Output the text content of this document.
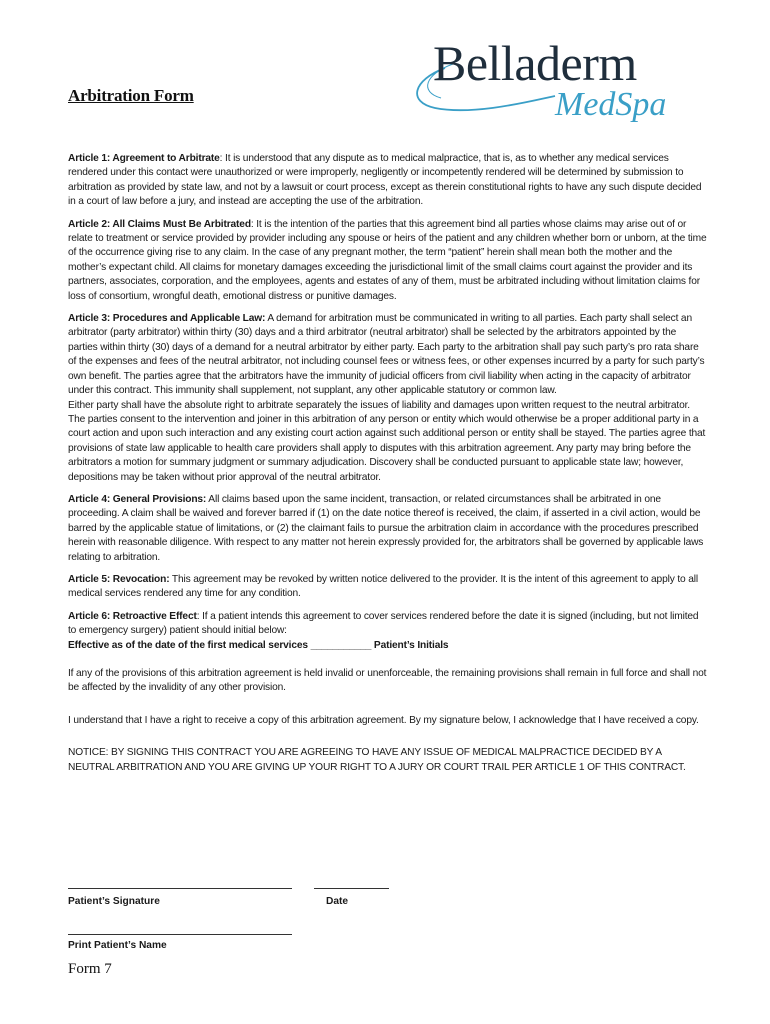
Arbitration Form
Belladerm
MedSpa

Article 1: Agreement to Arbitrate: It is understood that any dispute as to medical malpractice, that is, as to whether any medical services rendered under this contact were unauthorized or were improperly, negligently or incompetently rendered will be determined by submission to arbitration as provided by state law, and not by a lawsuit or court process, except as therein constitutional rights to have any such dispute decided in a court of law before a jury, and instead are accepting the use of the arbitration.

Article 2: All Claims Must Be Arbitrated: It is the intention of the parties that this agreement bind all parties whose claims may arise out of or relate to treatment or service provided by provider including any spouse or heirs of the patient and any children whether born or unborn, at the time of the occurrence giving rise to any claim. In the case of any pregnant mother, the term “patient” herein shall mean both the mother and the mother’s expectant child. All claims for monetary damages exceeding the jurisdictional limit of the small claims court against the provider and its partners, associates, corporation, and the employees, agents and estates of any of them, must be arbitrated including without limitation claims for loss of consortium, wrongful death, emotional distress or punitive damages.

Article 3: Procedures and Applicable Law: A demand for arbitration must be communicated in writing to all parties. Each party shall select an arbitrator (party arbitrator) within thirty (30) days and a third arbitrator (neutral arbitrator) shall be selected by the arbitrators appointed by the parties within thirty (30) days of a demand for a neutral arbitrator by either party. Each party to the arbitration shall pay such party’s pro rata share of the expenses and fees of the neutral arbitrator, not including counsel fees or witness fees, or other expenses incurred by a party for such party’s own benefit. The parties agree that the arbitrators have the immunity of judicial officers from civil liability when acting in the capacity of arbitrator under this contract. This immunity shall supplement, not supplant, any other applicable statutory or common law.

Either party shall have the absolute right to arbitrate separately the issues of liability and damages upon written request to the neutral arbitrator.

The parties consent to the intervention and joiner in this arbitration of any person or entity which would otherwise be a proper additional party in a court action and upon such interaction and any existing court action against such additional person or entity shall be stayed. The parties agree that provisions of state law applicable to health care providers shall apply to disputes with this arbitration agreement. Any party may bring before the arbitrators a motion for summary judgment or summary adjudication. Discovery shall be conducted pursuant to applicable state law; however, depositions may be taken without prior approval of the neutral arbitrator.

Article 4: General Provisions: All claims based upon the same incident, transaction, or related circumstances shall be arbitrated in one proceeding. A claim shall be waived and forever barred if (1) on the date notice thereof is received, the claim, if asserted in a civil action, would be barred by the applicable statue of limitations, or (2) the claimant fails to pursue the arbitration claim in accordance with the procedures prescribed herein with reasonable diligence. With respect to any matter not herein expressly provided for, the arbitrators shall be governed by applicable laws relating to arbitration.

Article 5: Revocation: This agreement may be revoked by written notice delivered to the provider. It is the intent of this agreement to apply to all medical services rendered any time for any condition.

Article 6: Retroactive Effect: If a patient intends this agreement to cover services rendered before the date it is signed (including, but not limited to emergency surgery) patient should initial below:

Effective as of the date of the first medical services ___________ Patient’s Initials

If any of the provisions of this arbitration agreement is held invalid or unenforceable, the remaining provisions shall remain in full force and shall not be affected by the invalidity of any other provision.

I understand that I have a right to receive a copy of this arbitration agreement. By my signature below, I acknowledge that I have received a copy.

NOTICE: BY SIGNING THIS CONTRACT YOU ARE AGREEING TO HAVE ANY ISSUE OF MEDICAL MALPRACTICE DECIDED BY A NEUTRAL ARBITRATION AND YOU ARE GIVING UP YOUR RIGHT TO A JURY OR COURT TRAIL PER ARTICLE 1 OF THIS CONTRACT.

Patient’s Signature	Date
Print Patient’s Name
Form 7
